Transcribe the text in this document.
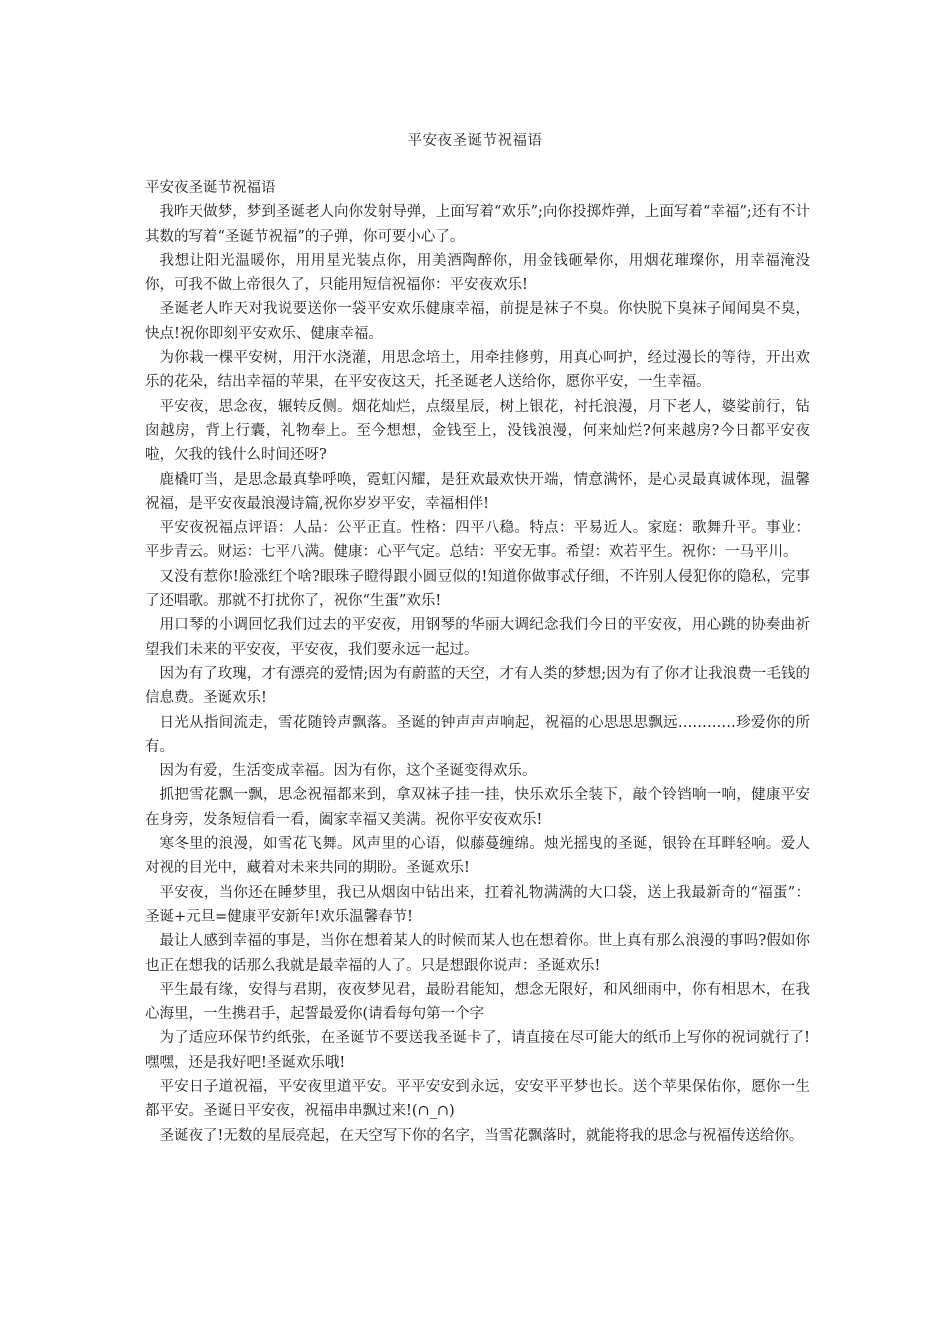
平安夜圣诞节祝福语

平安夜圣诞节祝福语

我昨天做梦，梦到圣诞老人向你发射导弹，上面写着“欢乐”;向你投掷炸弹，上面写着“幸福”;还有不计其数的写着“圣诞节祝福”的子弹，你可要小心了。

我想让阳光温暖你，用用星光装点你，用美酒陶醉你，用金钱砸晕你，用烟花璀璨你，用幸福淹没你，可我不做上帝很久了，只能用短信祝福你：平安夜欢乐!

圣诞老人昨天对我说要送你一袋平安欢乐健康幸福，前提是袜子不臭。你快脱下臭袜子闻闻臭不臭，快点!祝你即刻平安欢乐、健康幸福。

为你栽一棵平安树，用汗水浇灌，用思念培土，用牵挂修剪，用真心呵护，经过漫长的等待，开出欢乐的花朵，结出幸福的苹果，在平安夜这天，托圣诞老人送给你，愿你平安，一生幸福。

平安夜，思念夜，辗转反侧。烟花灿烂，点缀星辰，树上银花，衬托浪漫，月下老人，婆娑前行，钻囱越房，背上行囊，礼物奉上。至今想想，金钱至上，没钱浪漫，何来灿烂?何来越房?今日都平安夜啦，欠我的钱什么时间还呀?

鹿橇叮当，是思念最真挚呼唤，霓虹闪耀，是狂欢最欢快开端，情意满怀，是心灵最真诚体现，温馨祝福，是平安夜最浪漫诗篇,祝你岁岁平安，幸福相伴!

平安夜祝福点评语：人品：公平正直。性格：四平八稳。特点：平易近人。家庭：歌舞升平。事业：平步青云。财运：七平八满。健康：心平气定。总结：平安无事。希望：欢若平生。祝你：一马平川。

又没有惹你!脸涨红个啥?眼珠子瞪得跟小圆豆似的!知道你做事忒仔细，不许别人侵犯你的隐私，完事了还唱歌。那就不打扰你了，祝你“生蛋”欢乐!

用口琴的小调回忆我们过去的平安夜，用钢琴的华丽大调纪念我们今日的平安夜，用心跳的协奏曲祈望我们未来的平安夜，平安夜，我们要永远一起过。

因为有了玫瑰，才有漂亮的爱情;因为有蔚蓝的天空，才有人类的梦想;因为有了你才让我浪费一毛钱的信息费。圣诞欢乐!

日光从指间流走，雪花随铃声飘落。圣诞的钟声声声响起，祝福的心思思思飘远…………珍爱你的所有。

因为有爱，生活变成幸福。因为有你，这个圣诞变得欢乐。

抓把雪花飘一飘，思念祝福都来到，拿双袜子挂一挂，快乐欢乐全装下，敲个铃铛响一响，健康平安在身旁，发条短信看一看，阖家幸福又美满。祝你平安夜欢乐!

寒冬里的浪漫，如雪花飞舞。风声里的心语，似藤蔓缠绵。烛光摇曳的圣诞，银铃在耳畔轻响。爱人对视的目光中，藏着对未来共同的期盼。圣诞欢乐!

平安夜，当你还在睡梦里，我已从烟囱中钻出来，扛着礼物满满的大口袋，送上我最新奇的“福蛋”：圣诞+元旦=健康平安新年!欢乐温馨春节!

最让人感到幸福的事是，当你在想着某人的时候而某人也在想着你。世上真有那么浪漫的事吗?假如你也正在想我的话那么我就是最幸福的人了。只是想跟你说声：圣诞欢乐!

平生最有缘，安得与君期，夜夜梦见君，最盼君能知，想念无限好，和风细雨中，你有相思木，在我心海里，一生携君手，起誓最爱你(请看每句第一个字

为了适应环保节约纸张，在圣诞节不要送我圣诞卡了，请直接在尽可能大的纸币上写你的祝词就行了!嘿嘿，还是我好吧!圣诞欢乐哦!

平安日子道祝福，平安夜里道平安。平平安安到永远，安安平平梦也长。送个苹果保佑你，愿你一生都平安。圣诞日平安夜，祝福串串飘过来!(∩_∩)

圣诞夜了!无数的星辰亮起，在天空写下你的名字，当雪花飘落时，就能将我的思念与祝福传送给你。
